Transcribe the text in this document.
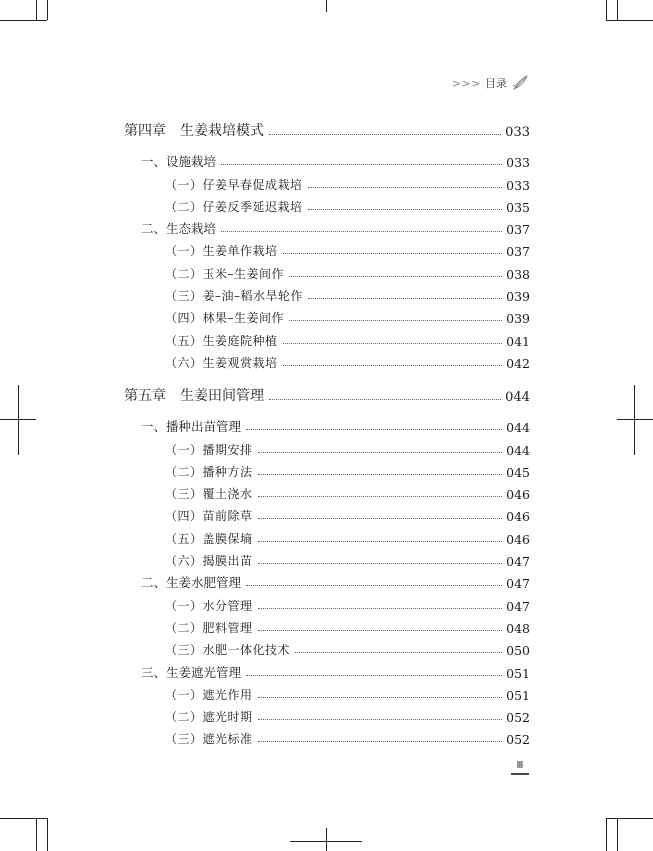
>>> 目录
第四章　生姜栽培模式	033
一、设施栽培	033
（一）仔姜早春促成栽培	033
（二）仔姜反季延迟栽培	035
二、生态栽培	037
（一）生姜单作栽培	037
（二）玉米–生姜间作	038
（三）姜–油–稻水旱轮作	039
（四）林果–生姜间作	039
（五）生姜庭院种植	041
（六）生姜观赏栽培	042
第五章　生姜田间管理	044
一、播种出苗管理	044
（一）播期安排	044
（二）播种方法	045
（三）覆土浇水	046
（四）苗前除草	046
（五）盖膜保墒	046
（六）揭膜出苗	047
二、生姜水肥管理	047
（一）水分管理	047
（二）肥料管理	048
（三）水肥一体化技术	050
三、生姜遮光管理	051
（一）遮光作用	051
（二）遮光时期	052
（三）遮光标准	052
Ⅲ
